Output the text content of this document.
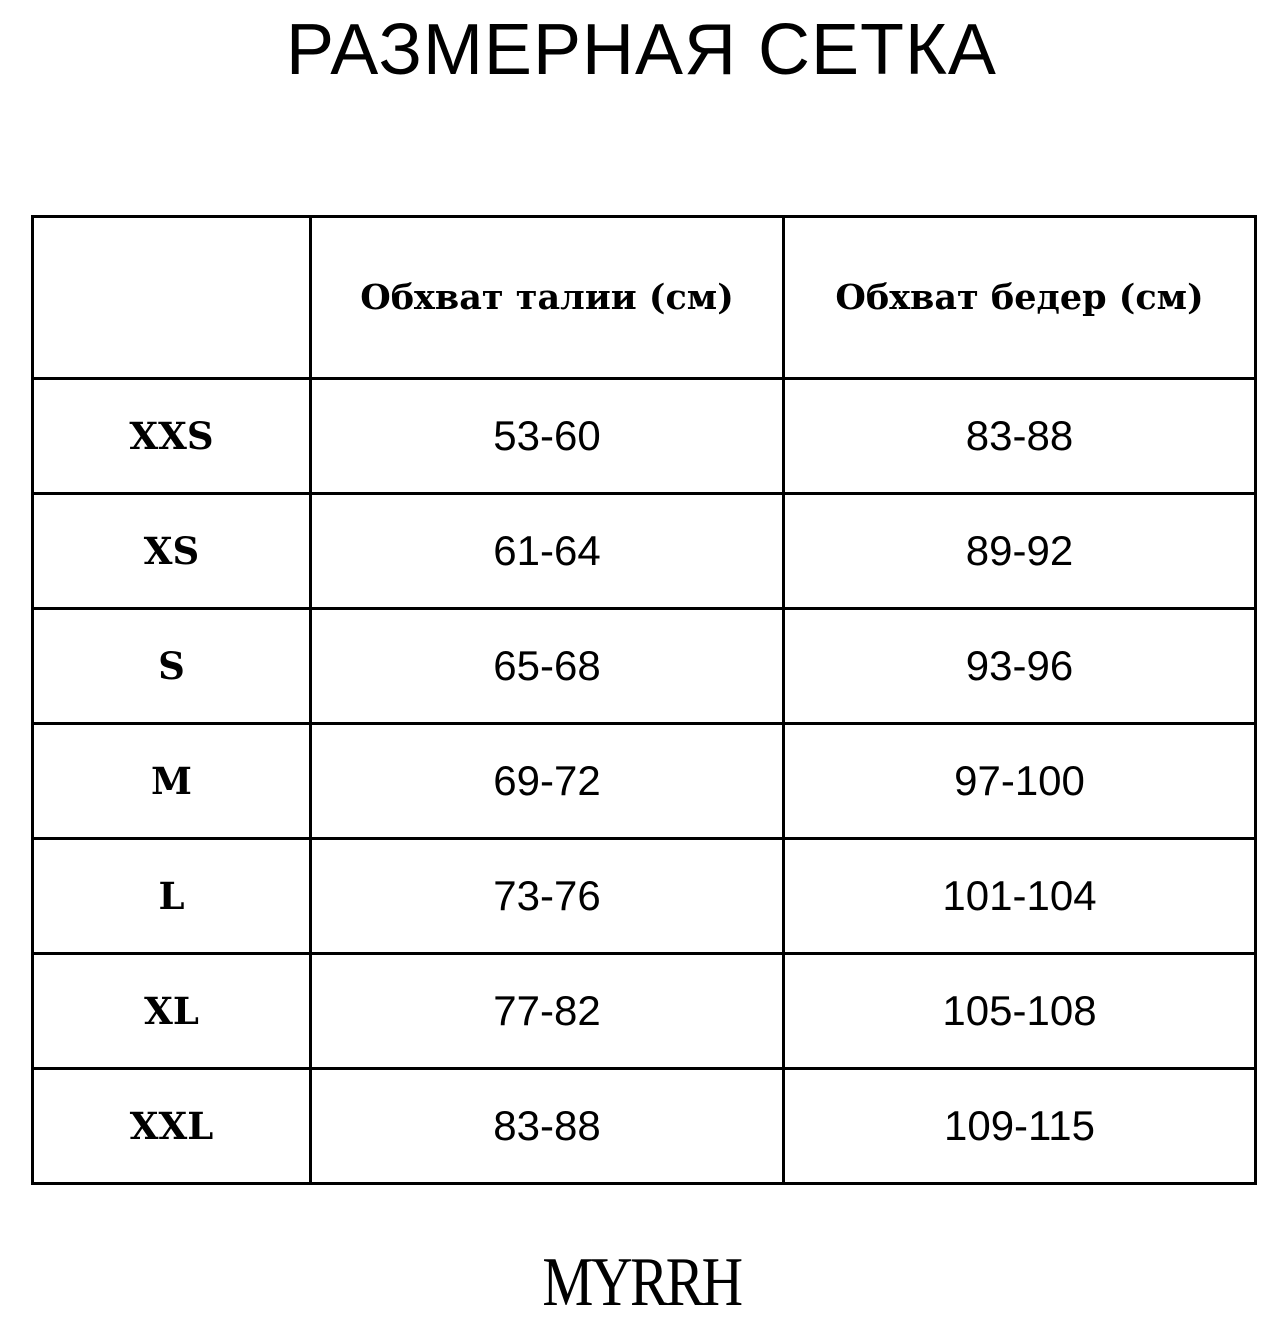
РАЗМЕРНАЯ СЕТКА
	Обхват талии (см)	Обхват бедер (см)
XXS	53-60	83-88
XS	61-64	89-92
S	65-68	93-96
M	69-72	97-100
L	73-76	101-104
XL	77-82	105-108
XXL	83-88	109-115
MYRRH
